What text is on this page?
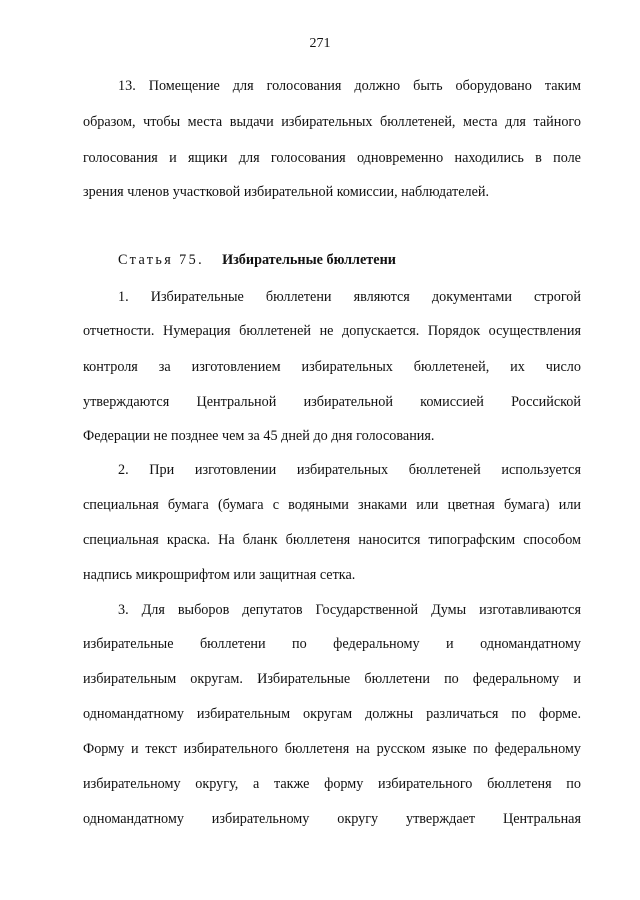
271
13. Помещение для голосования должно быть оборудовано таким
образом, чтобы места выдачи избирательных бюллетеней, места для тайного
голосования и ящики для голосования одновременно находились в поле
зрения членов участковой избирательной комиссии, наблюдателей.
Статья 75. Избирательные бюллетени
1. Избирательные бюллетени являются документами строгой
отчетности. Нумерация бюллетеней не допускается. Порядок осуществления
контроля за изготовлением избирательных бюллетеней, их число
утверждаются Центральной избирательной комиссией Российской
Федерации не позднее чем за 45 дней до дня голосования.
2. При изготовлении избирательных бюллетеней используется
специальная бумага (бумага с водяными знаками или цветная бумага) или
специальная краска. На бланк бюллетеня наносится типографским способом
надпись микрошрифтом или защитная сетка.
3. Для выборов депутатов Государственной Думы изготавливаются
избирательные бюллетени по федеральному и одномандатному
избирательным округам. Избирательные бюллетени по федеральному и
одномандатному избирательным округам должны различаться по форме.
Форму и текст избирательного бюллетеня на русском языке по федеральному
избирательному округу, а также форму избирательного бюллетеня по
одномандатному избирательному округу утверждает Центральная
